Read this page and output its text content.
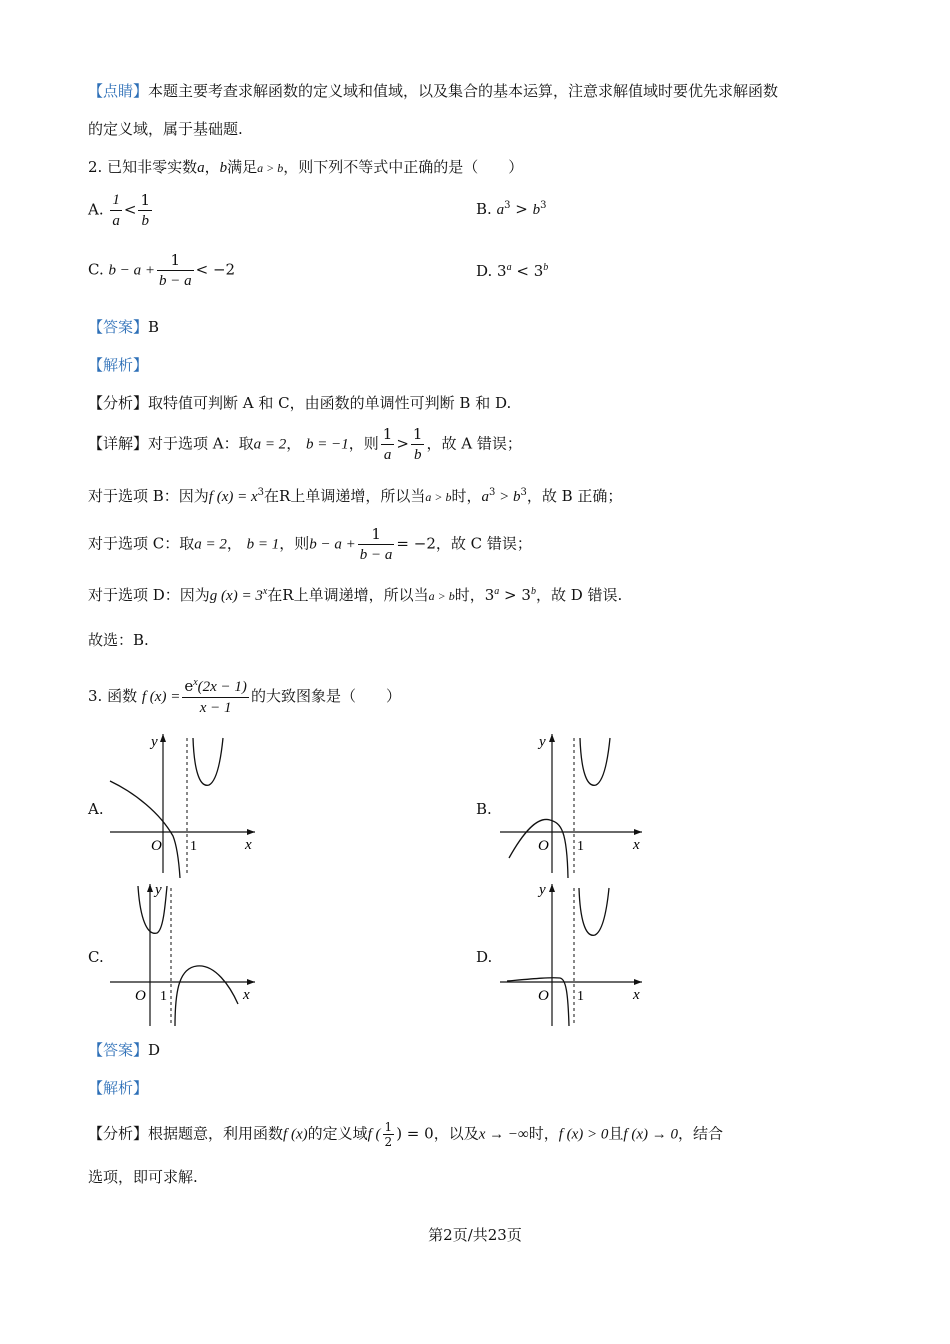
【点睛】本题主要考查求解函数的定义域和值域，以及集合的基本运算，注意求解值域时要优先求解函数
的定义域，属于基础题.
2. 已知非零实数a，b满足a > b，则下列不等式中正确的是（　　）
A. $\frac{1}{a} < \frac{1}{b}$	B. $a^3 > b^3$
C. $b - a + \frac{1}{b - a} < -2$	D. $3^a < 3^b$
【答案】B
【解析】
【分析】取特值可判断 A 和 C，由函数的单调性可判断 B 和 D.
【详解】对于选项 A：取a = 2， b = −1，则 $\frac{1}{a} > \frac{1}{b}$ ，故 A 错误；
对于选项 B：因为f $(x) = x^3$在R上单调递增，所以当a > b时，$a^3 > b^3$，故 B 正确；
对于选项 C：取a = 2， b = 1，则$b - a + \frac{1}{b - a} = -2$，故 C 错误；
对于选项 D：因为g $(x) = 3^x$在R上单调递增，所以当a > b时，$3^a > 3^b$，故 D 错误.
故选：B.
3. 函数 f $(x) = \frac{e^x(2x - 1)}{x - 1}$ 的大致图象是（　　）
A.	B.
C.	D.
O 1	x
y
O 1	x
y
O 1	x
y
O 1	x
y
【答案】D
【解析】
【分析】根据题意，利用函数f (x)的定义域f ( $\frac{1}{2}$ ) = 0，以及x → −∞时，f (x) > 0且f (x) → 0，结合
选项，即可求解.
第2页/共23页
